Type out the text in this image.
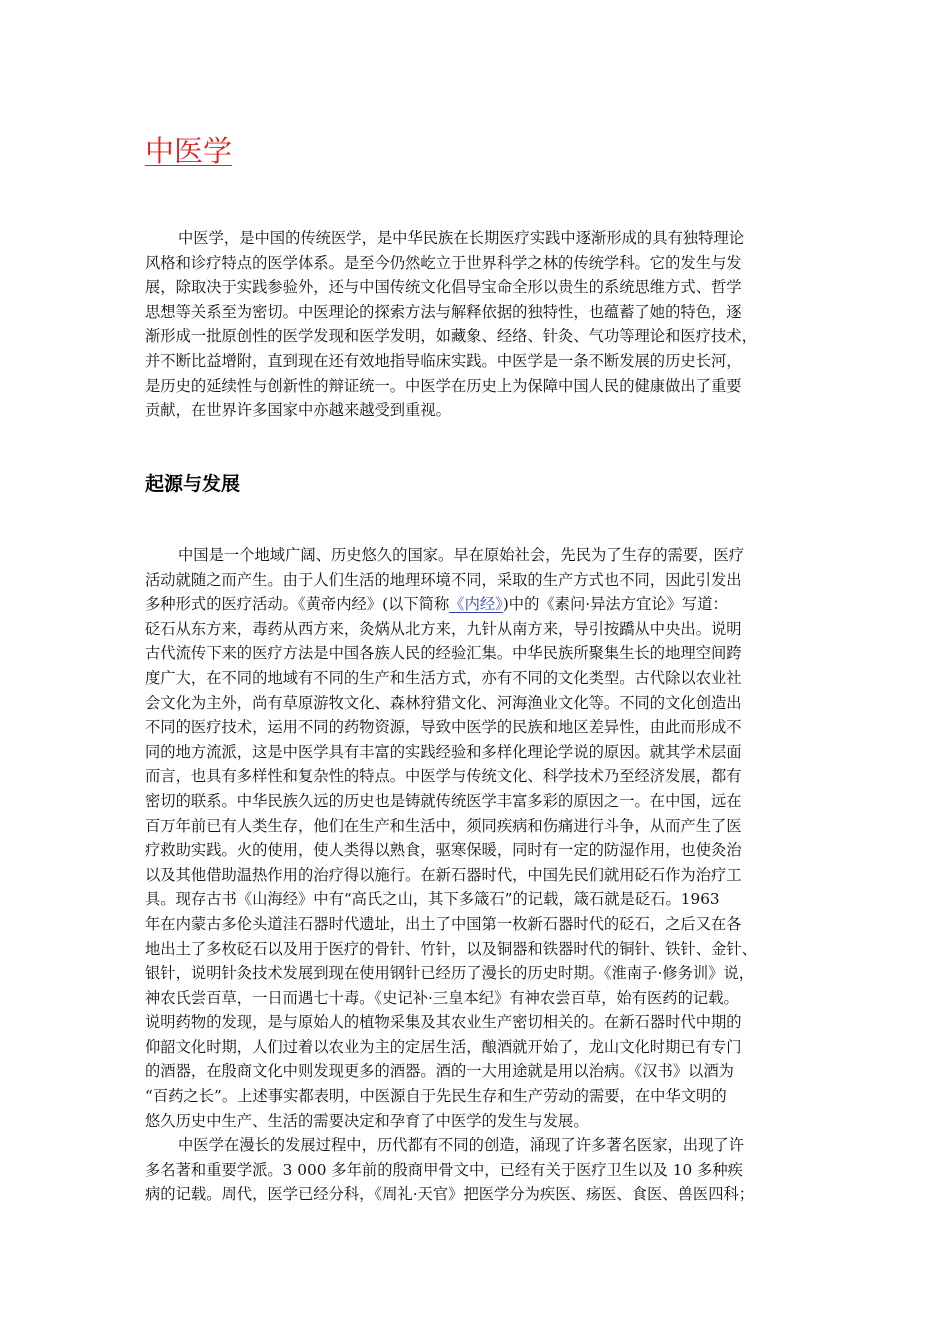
中医学
中医学，是中国的传统医学，是中华民族在长期医疗实践中逐渐形成的具有独特理论
风格和诊疗特点的医学体系。是至今仍然屹立于世界科学之林的传统学科。它的发生与发
展，除取决于实践参验外，还与中国传统文化倡导宝命全形以贵生的系统思维方式、哲学
思想等关系至为密切。中医理论的探索方法与解释依据的独特性，也蕴蓄了她的特色，逐
渐形成一批原创性的医学发现和医学发明，如藏象、经络、针灸、气功等理论和医疗技术，
并不断比益增附，直到现在还有效地指导临床实践。中医学是一条不断发展的历史长河，
是历史的延续性与创新性的辩证统一。中医学在历史上为保障中国人民的健康做出了重要
贡献，在世界许多国家中亦越来越受到重视。
起源与发展
中国是一个地域广阔、历史悠久的国家。早在原始社会，先民为了生存的需要，医疗
活动就随之而产生。由于人们生活的地理环境不同，采取的生产方式也不同，因此引发出
多种形式的医疗活动。《黄帝内经》(以下简称《内经》)中的《素问·异法方宜论》写道：
砭石从东方来，毒药从西方来，灸焫从北方来，九针从南方来，导引按蹻从中央出。说明
古代流传下来的医疗方法是中国各族人民的经验汇集。中华民族所聚集生长的地理空间跨
度广大，在不同的地域有不同的生产和生活方式，亦有不同的文化类型。古代除以农业社
会文化为主外，尚有草原游牧文化、森林狩猎文化、河海渔业文化等。不同的文化创造出
不同的医疗技术，运用不同的药物资源，导致中医学的民族和地区差异性，由此而形成不
同的地方流派，这是中医学具有丰富的实践经验和多样化理论学说的原因。就其学术层面
而言，也具有多样性和复杂性的特点。中医学与传统文化、科学技术乃至经济发展，都有
密切的联系。中华民族久远的历史也是铸就传统医学丰富多彩的原因之一。在中国，远在
百万年前已有人类生存，他们在生产和生活中，须同疾病和伤痛进行斗争，从而产生了医
疗救助实践。火的使用，使人类得以熟食，驱寒保暖，同时有一定的防湿作用，也使灸治
以及其他借助温热作用的治疗得以施行。在新石器时代，中国先民们就用砭石作为治疗工
具。现存古书《山海经》中有“高氏之山，其下多箴石”的记载，箴石就是砭石。1963
年在内蒙古多伦头道洼石器时代遗址，出土了中国第一枚新石器时代的砭石，之后又在各
地出土了多枚砭石以及用于医疗的骨针、竹针，以及铜器和铁器时代的铜针、铁针、金针、
银针，说明针灸技术发展到现在使用钢针已经历了漫长的历史时期。《淮南子·修务训》说，
神农氏尝百草，一日而遇七十毒。《史记补·三皇本纪》有神农尝百草，始有医药的记载。
说明药物的发现，是与原始人的植物采集及其农业生产密切相关的。在新石器时代中期的
仰韶文化时期，人们过着以农业为主的定居生活，酿酒就开始了，龙山文化时期已有专门
的酒器，在殷商文化中则发现更多的酒器。酒的一大用途就是用以治病。《汉书》以酒为
“百药之长”。上述事实都表明，中医源自于先民生存和生产劳动的需要，在中华文明的
悠久历史中生产、生活的需要决定和孕育了中医学的发生与发展。
中医学在漫长的发展过程中，历代都有不同的创造，涌现了许多著名医家，出现了许
多名著和重要学派。3 000 多年前的殷商甲骨文中，已经有关于医疗卫生以及 10 多种疾
病的记载。周代，医学已经分科，《周礼·天官》把医学分为疾医、疡医、食医、兽医四科；
